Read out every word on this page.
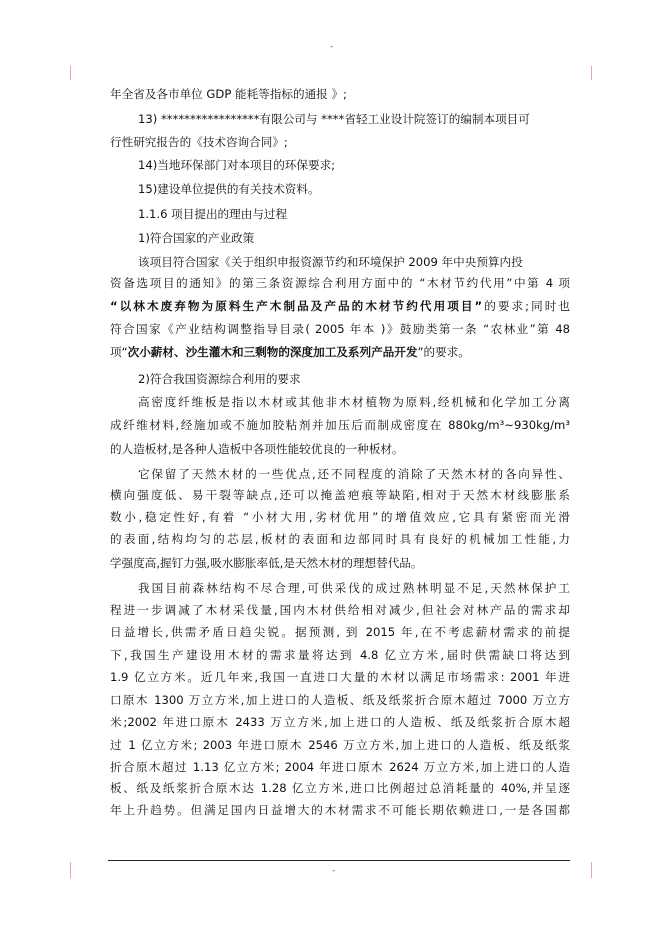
-
年全省及各市单位 GDP 能耗等指标的通报 》;
13) *****************有限公司与 ****省轻工业设计院签订的编制本项目可
行性研究报告的《技术咨询合同》;
14)当地环保部门对本项目的环保要求;
15)建设单位提供的有关技术资料。
1.1.6 项目提出的理由与过程
1)符合国家的产业政策
该项目符合国家《关于组织申报资源节约和环境保护 2009 年中央预算内投
资备选项目的通知》的第三条资源综合利用方面中的 “木材节约代用”中第 4 项
“以林木废弃物为原料生产木制品及产品的木材节约代用项目”的要求;同时也
符合国家《产业结构调整指导目录( 2005 年本 )》鼓励类第一条 “农林业”第 48
项“次小薪材、沙生灌木和三剩物的深度加工及系列产品开发”的要求。
2)符合我国资源综合利用的要求
高密度纤维板是指以木材或其他非木材植物为原料,经机械和化学加工分离
成纤维材料,经施加或不施加胶粘剂并加压后而制成密度在 880kg/m³~930kg/m³
的人造板材,是各种人造板中各项性能较优良的一种板材。
它保留了天然木材的一些优点,还不同程度的消除了天然木材的各向异性、
横向强度低、易干裂等缺点,还可以掩盖疤痕等缺陷,相对于天然木材线膨胀系
数小,稳定性好,有着 “小材大用,劣材优用”的增值效应,它具有紧密而光滑
的表面,结构均匀的芯层,板材的表面和边部同时具有良好的机械加工性能,力
学强度高,握钉力强,吸水膨胀率低,是天然木材的理想替代品。
我国目前森林结构不尽合理,可供采伐的成过熟林明显不足,天然林保护工
程进一步调减了木材采伐量,国内木材供给相对减少,但社会对林产品的需求却
日益增长,供需矛盾日趋尖锐。据预测, 到 2015 年,在不考虑薪材需求的前提
下,我国生产建设用木材的需求量将达到 4.8 亿立方米,届时供需缺口将达到
1.9 亿立方米。近几年来,我国一直进口大量的木材以满足市场需求: 2001 年进
口原木 1300 万立方米,加上进口的人造板、纸及纸浆折合原木超过 7000 万立方
米;2002 年进口原木 2433 万立方米,加上进口的人造板、纸及纸浆折合原木超
过 1 亿立方米; 2003 年进口原木 2546 万立方米,加上进口的人造板、纸及纸浆
折合原木超过 1.13 亿立方米; 2004 年进口原木 2624 万立方米,加上进口的人造
板、纸及纸浆折合原木达 1.28 亿立方米,进口比例超过总消耗量的 40%,并呈逐
年上升趋势。但满足国内日益增大的木材需求不可能长期依赖进口,一是各国都
-
